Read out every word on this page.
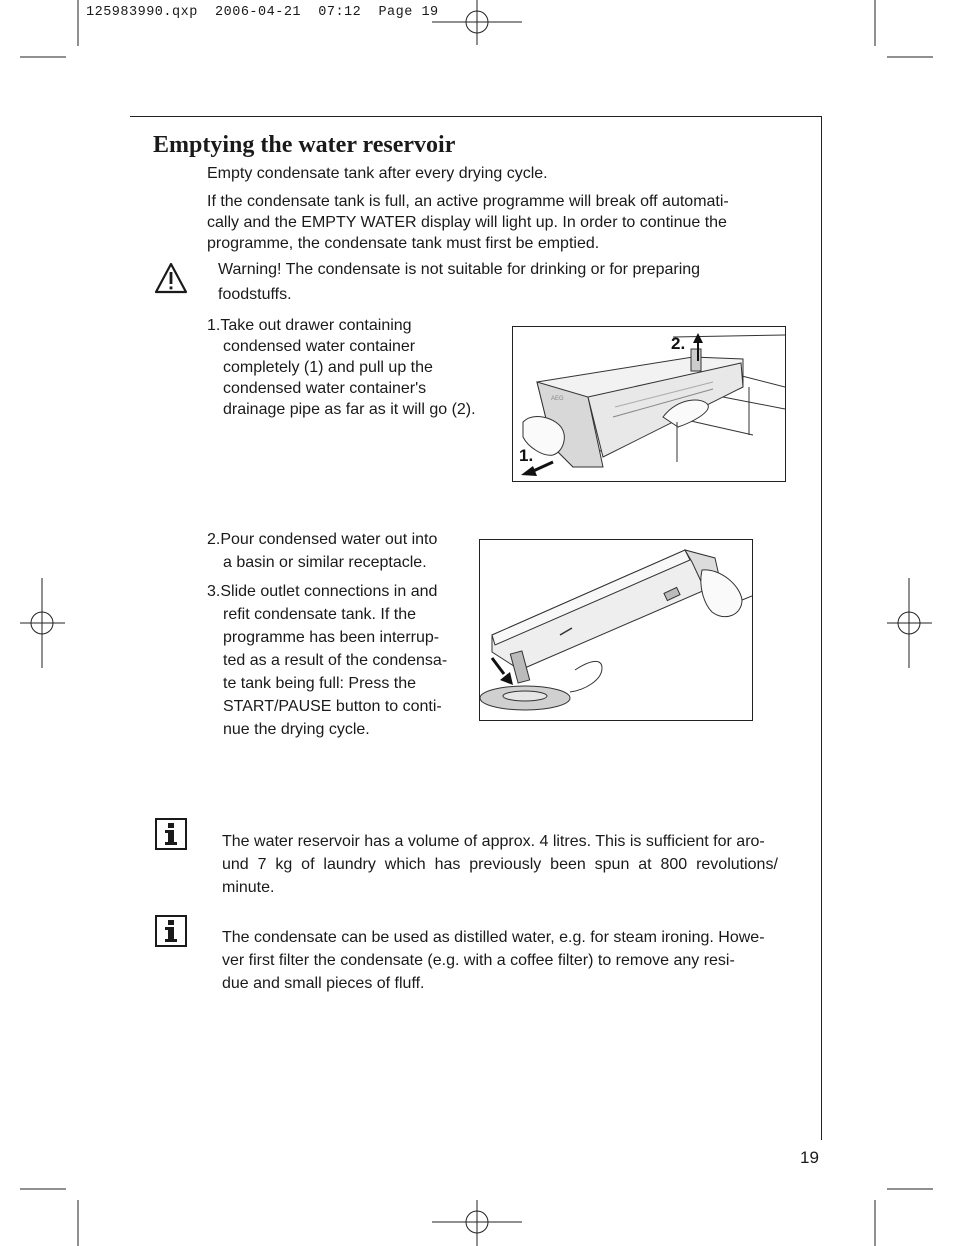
125983990.qxp  2006-04-21  07:12  Page 19
Emptying the water reservoir
Empty condensate tank after every drying cycle.
If the condensate tank is full, an active programme will break off automati-
cally and the EMPTY WATER display will light up. In order to continue the
programme, the condensate tank must first be emptied.
Warning! The condensate is not suitable for drinking or for preparing
foodstuffs.
1.Take out drawer containing
condensed water container
completely (1) and pull up the
condensed water container's
drainage pipe as far as it will go (2).
AEG
2.
1.
2.Pour condensed water out into
a basin or similar receptacle.
3.Slide outlet connections in and
refit condensate tank. If the
programme has been interrup-
ted as a result of the condensa-
te tank being full: Press the
START/PAUSE button to conti-
nue the drying cycle.
The water reservoir has a volume of approx. 4 litres. This is sufficient for aro-
und  7  kg  of  laundry  which  has  previously  been  spun  at  800  revolutions/
minute.
The condensate can be used as distilled water, e.g. for steam ironing. Howe-
ver first filter the condensate (e.g. with a coffee filter) to remove any resi-
due and small pieces of fluff.
19
